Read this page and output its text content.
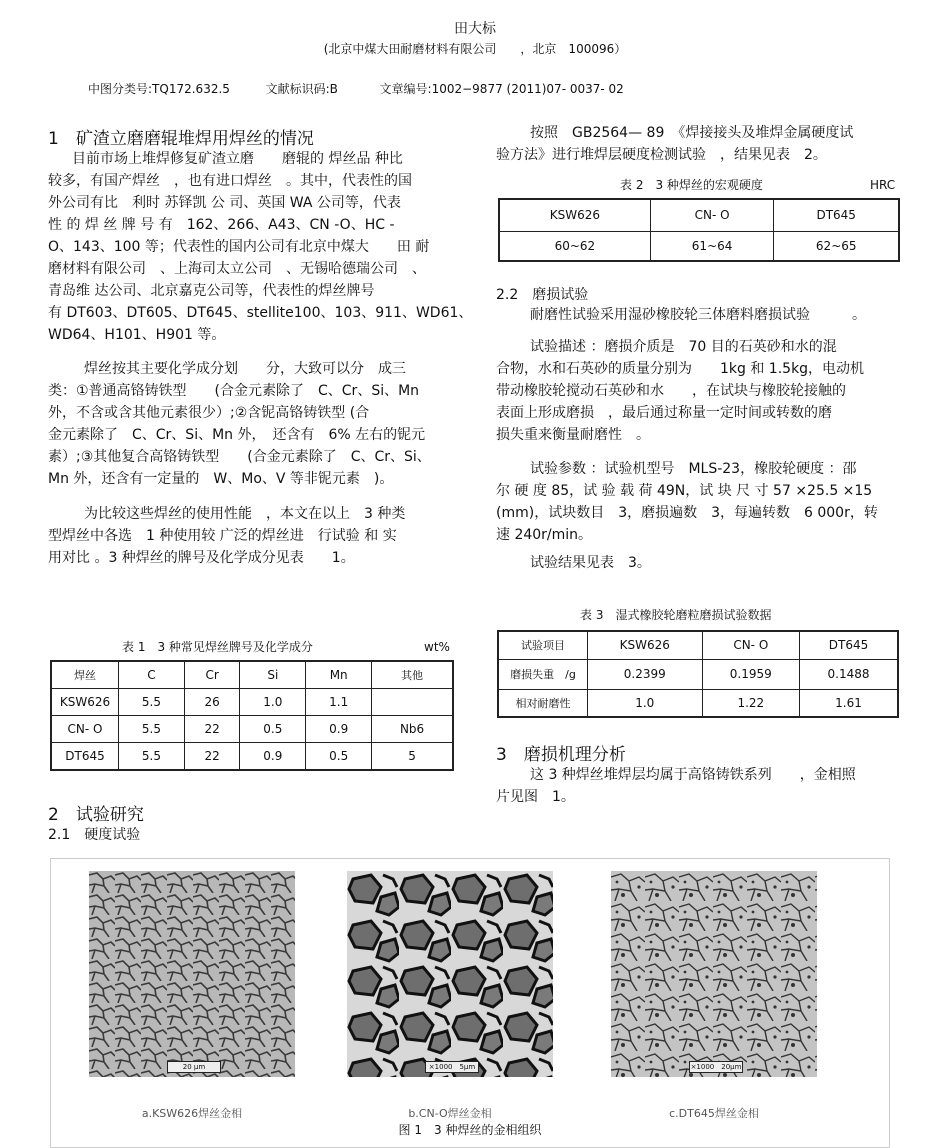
田大标
(北京中煤大田耐磨材料有限公司　　，北京　100096）
中图分类号:TQ172.632.5	文献标识码:B	文章编号:1002−9877 (2011)07- 0037- 02
1　矿渣立磨磨辊堆焊用焊丝的情况
目前市场上堆焊修复矿渣立磨　　磨辊的 焊丝品 种比
较多，有国产焊丝　，也有进口焊丝　。其中，代表性的国
外公司有比　利时 苏铎凯 公 司、英国 WA 公司等，代表
性 的 焊 丝 牌 号 有　162、266、A43、CN -O、HC -
O、143、100 等；代表性的国内公司有北京中煤大　　田 耐
磨材料有限公司　、上海司太立公司　、无锡哈德瑞公司　、
青岛维 达公司、北京嘉克公司等，代表性的焊丝牌号
有 DT603、DT605、DT645、stellite100、103、911、WD61、
WD64、H101、H901 等。
焊丝按其主要化学成分划　　分，大致可以分　成三
类：①普通高铬铸铁型　　(合金元素除了　C、Cr、Si、Mn
外，不含或含其他元素很少）;②含铌高铬铸铁型 (合
金元素除了　C、Cr、Si、Mn 外，　还含有　6% 左右的铌元
素）;③其他复合高铬铸铁型　　(合金元素除了　C、Cr、Si、
Mn 外，还含有一定量的　W、Mo、V 等非铌元素　)。
为比较这些焊丝的使用性能　，本文在以上　3 种类
型焊丝中各选　1 种使用较 广泛的焊丝进　行试验 和 实
用对比 。3 种焊丝的牌号及化学成分见表　　1。
表 1　3 种常见焊丝牌号及化学成分	wt%
焊丝	C	Cr	Si	Mn	其他
KSW626	5.5	26	1.0	1.1	
CN- O	5.5	22	0.5	0.9	Nb6
DT645	5.5	22	0.9	0.5	5
2　试验研究
2.1　硬度试验
按照　GB2564— 89　《焊接接头及堆焊金属硬度试
验方法》进行堆焊层硬度检测试验　，结果见表　2。
表 2　3 种焊丝的宏观硬度	HRC
KSW626	CN- O	DT645
60~62	61~64	62~65
2.2　磨损试验
耐磨性试验采用湿砂橡胶轮三体磨料磨损试验　　　。
试验描述 ：磨损介质是　70 目的石英砂和水的混
合物，水和石英砂的质量分别为　　1kg 和 1.5kg，电动机
带动橡胶轮搅动石英砂和水　　，在试块与橡胶轮接触的
表面上形成磨损　，最后通过称量一定时间或转数的磨
损失重来衡量耐磨性　。
试验参数 ：试验机型号　MLS-23，橡胶轮硬度 ：邵
尔 硬 度 85，试 验 载 荷 49N，试 块 尺 寸 57 ×25.5 ×15
(mm)，试块数目　3，磨损遍数　3，每遍转数　6 000r，转
速 240r/min。
试验结果见表　3。
表 3　湿式橡胶轮磨粒磨损试验数据
试验项目	KSW626	CN- O	DT645
磨损失重　/g	0.2399	0.1959	0.1488
相对耐磨性	1.0	1.22	1.61
3　磨损机理分析
这 3 种焊丝堆焊层均属于高铬铸铁系列　　，金相照
片见图　1。
20 μm	×1000　5μm	×1000　20μm
a.KSW626焊丝金相	b.CN-O焊丝金相	c.DT645焊丝金相
图 1　3 种焊丝的金相组织
